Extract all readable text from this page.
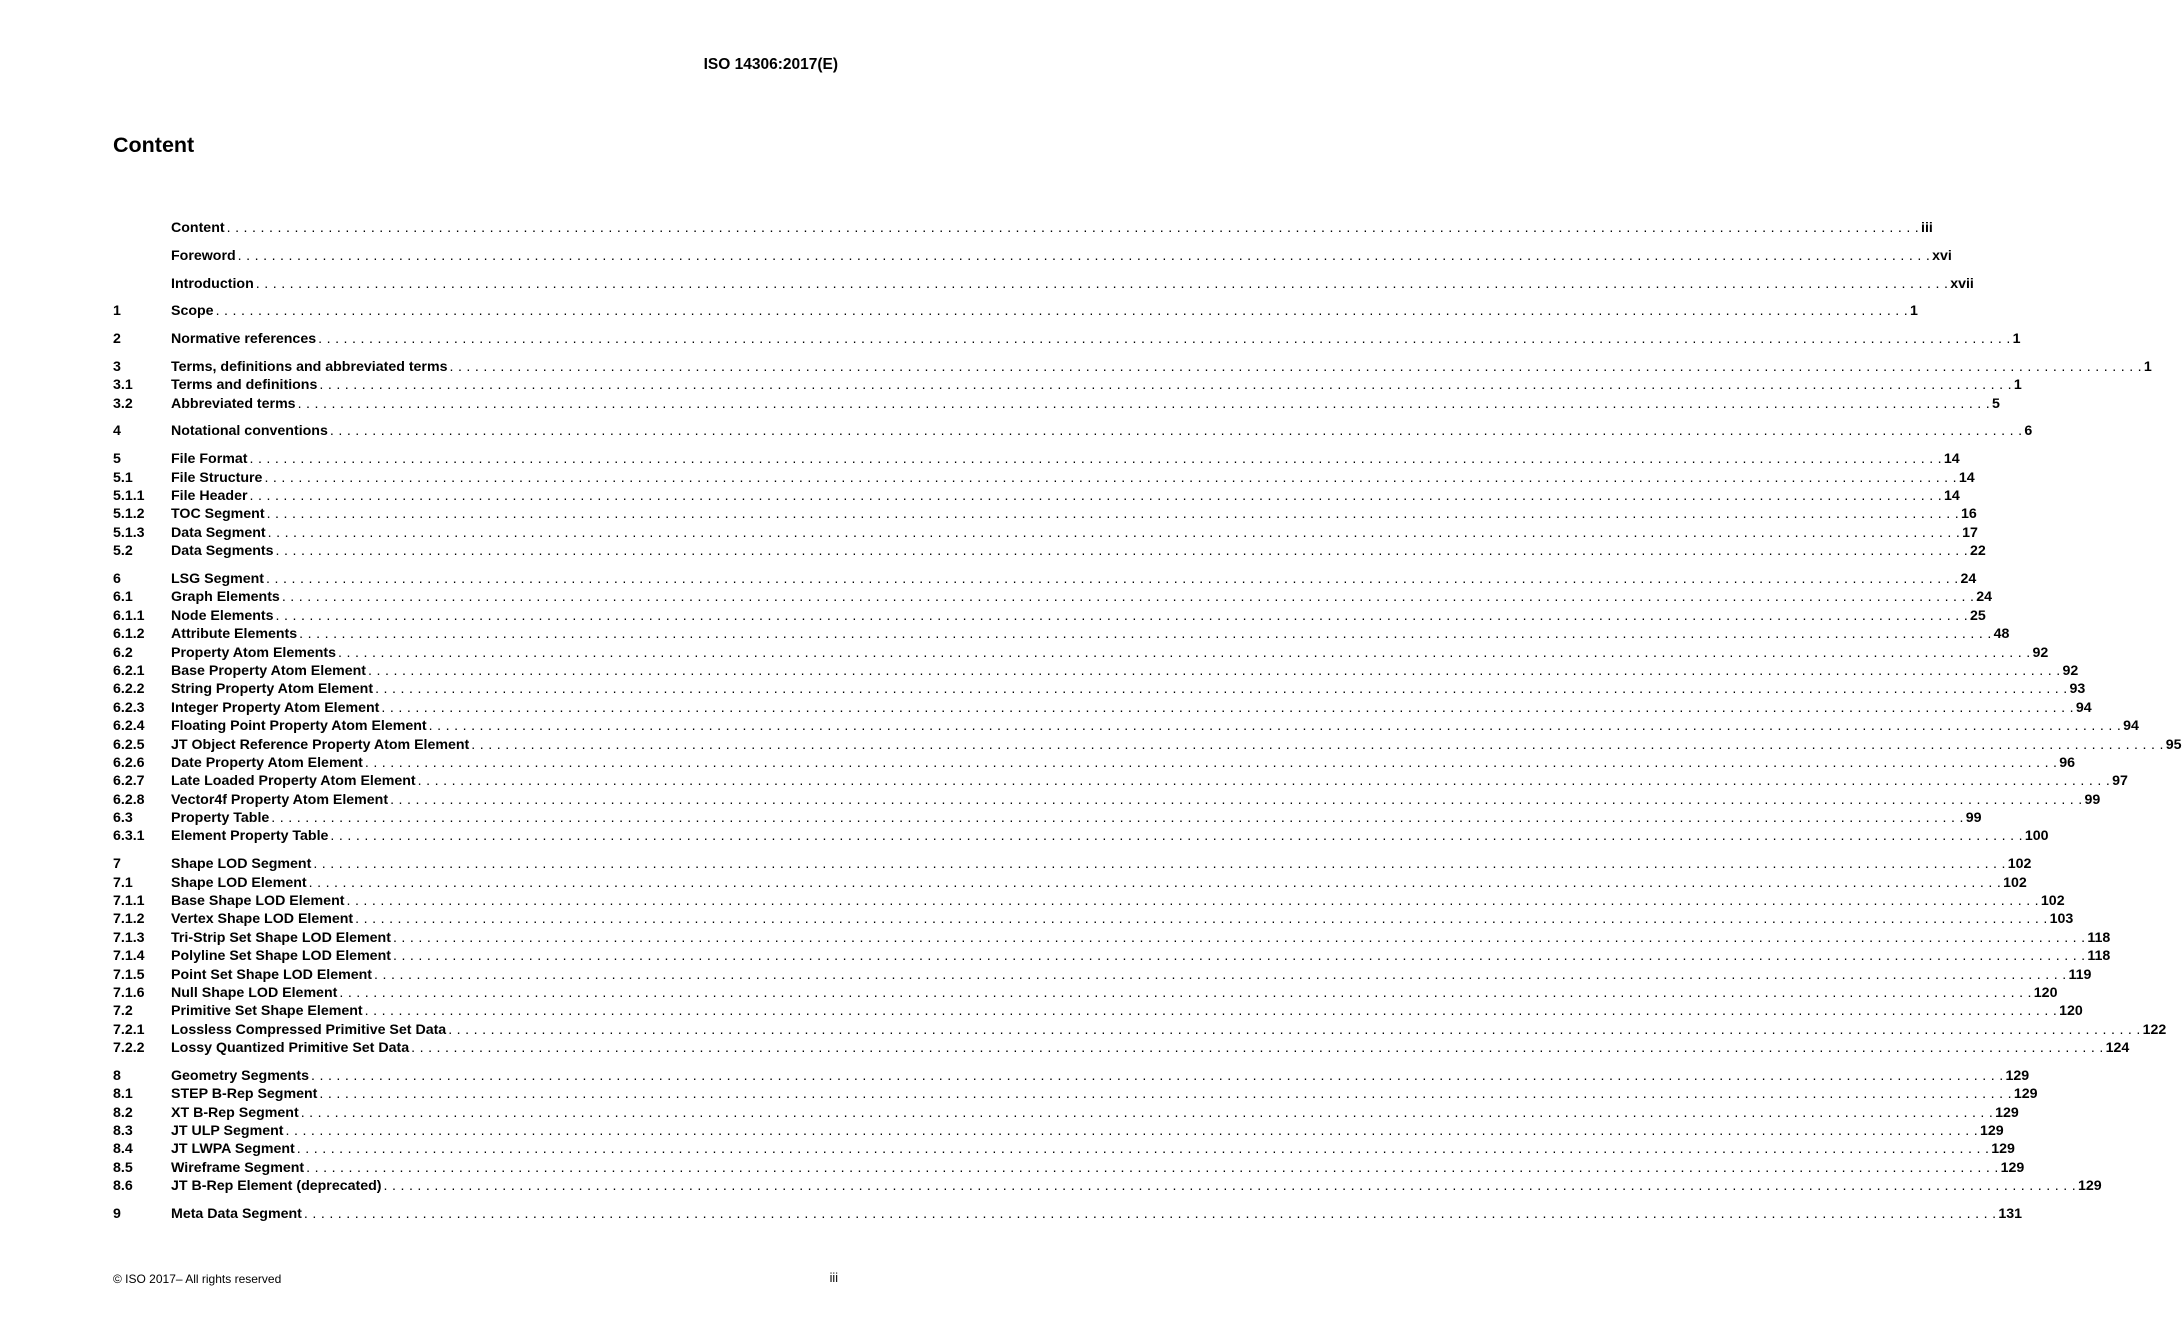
ISO 14306:2017(E)
Content
Content . . . . . . . . . . . . . . . . . . . . . . . . . . . . . . . . . . . . . . . . . . . . . . . . . . . . . . . . . . . . . . . . . . . . . . . . . . . . . . . . . . . . . . . . . . . . . . . . . . . . . . . . . . . . . . . . . . . . . . . . . . . . . . . . . . . . . . . . . . . . . . . . . . . . . . . . . . . . . . . . . . . . . . . . . . . . . . . . . . . . . . . . . . . . . . . . . . . . . . . . iii
Foreword . . . . . . . . . . . . . . . . . . . . . . . . . . . . . . . . . . . . . . . . . . . . . . . . . . . . . . . . . . . . . . . . . . . . . . . . . . . . . . . . . . . . . . . . . . . . . . . . . . . . . . . . . . . . . . . . . . . . . . . . . . . . . . . . . . . . . . . . . . . . . . . . . . . . . . . . . . . . . . . . . . . . . . . . . . . . . . . . . . . . . . . . . . . . . . . . . . . . . . . . xvi
Introduction . . . . . . . . . . . . . . . . . . . . . . . . . . . . . . . . . . . . . . . . . . . . . . . . . . . . . . . . . . . . . . . . . . . . . . . . . . . . . . . . . . . . . . . . . . . . . . . . . . . . . . . . . . . . . . . . . . . . . . . . . . . . . . . . . . . . . . . . . . . . . . . . . . . . . . . . . . . . . . . . . . . . . . . . . . . . . . . . . . . . . . . . . . . . . . . . . . . . . . . . xvii
1	Scope . . . . . . . . . . . . . . . . . . . . . . . . . . . . . . . . . . . . . . . . . . . . . . . . . . . . . . . . . . . . . . . . . . . . . . . . . . . . . . . . . . . . . . . . . . . . . . . . . . . . . . . . . . . . . . . . . . . . . . . . . . . . . . . . . . . . . . . . . . . . . . . . . . . . . . . . . . . . . . . . . . . . . . . . . . . . . . . . . . . . . . . . . . . . . . . . . . . . . . . . 1
2	Normative references . . . . . . . . . . . . . . . . . . . . . . . . . . . . . . . . . . . . . . . . . . . . . . . . . . . . . . . . . . . . . . . . . . . . . . . . . . . . . . . . . . . . . . . . . . . . . . . . . . . . . . . . . . . . . . . . . . . . . . . . . . . . . . . . . . . . . . . . . . . . . . . . . . . . . . . . . . . . . . . . . . . . . . . . . . . . . . . . . . . . . . . . . . . . . . . . . . . . . . . . 1
3	Terms, definitions and abbreviated terms . . . . . . . . . . . . . . . . . . . . . . . . . . . . . . . . . . . . . . . . . . . . . . . . . . . . . . . . . . . . . . . . . . . . . . . . . . . . . . . . . . . . . . . . . . . . . . . . . . . . . . . . . . . . . . . . . . . . . . . . . . . . . . . . . . . . . . . . . . . . . . . . . . . . . . . . . . . . . . . . . . . . . . . . . . . . . . . . . . . . . . . . . . . . . . . . . . . . . . . . 1
3.1	Terms and definitions . . . . . . . . . . . . . . . . . . . . . . . . . . . . . . . . . . . . . . . . . . . . . . . . . . . . . . . . . . . . . . . . . . . . . . . . . . . . . . . . . . . . . . . . . . . . . . . . . . . . . . . . . . . . . . . . . . . . . . . . . . . . . . . . . . . . . . . . . . . . . . . . . . . . . . . . . . . . . . . . . . . . . . . . . . . . . . . . . . . . . . . . . . . . . . . . . . . . . . . . 1
3.2	Abbreviated terms . . . . . . . . . . . . . . . . . . . . . . . . . . . . . . . . . . . . . . . . . . . . . . . . . . . . . . . . . . . . . . . . . . . . . . . . . . . . . . . . . . . . . . . . . . . . . . . . . . . . . . . . . . . . . . . . . . . . . . . . . . . . . . . . . . . . . . . . . . . . . . . . . . . . . . . . . . . . . . . . . . . . . . . . . . . . . . . . . . . . . . . . . . . . . . . . . . . . . . . . 5
4	Notational conventions . . . . . . . . . . . . . . . . . . . . . . . . . . . . . . . . . . . . . . . . . . . . . . . . . . . . . . . . . . . . . . . . . . . . . . . . . . . . . . . . . . . . . . . . . . . . . . . . . . . . . . . . . . . . . . . . . . . . . . . . . . . . . . . . . . . . . . . . . . . . . . . . . . . . . . . . . . . . . . . . . . . . . . . . . . . . . . . . . . . . . . . . . . . . . . . . . . . . . . . . 6
5	File Format . . . . . . . . . . . . . . . . . . . . . . . . . . . . . . . . . . . . . . . . . . . . . . . . . . . . . . . . . . . . . . . . . . . . . . . . . . . . . . . . . . . . . . . . . . . . . . . . . . . . . . . . . . . . . . . . . . . . . . . . . . . . . . . . . . . . . . . . . . . . . . . . . . . . . . . . . . . . . . . . . . . . . . . . . . . . . . . . . . . . . . . . . . . . . . . . . . . . . . . . 14
5.1	File Structure . . . . . . . . . . . . . . . . . . . . . . . . . . . . . . . . . . . . . . . . . . . . . . . . . . . . . . . . . . . . . . . . . . . . . . . . . . . . . . . . . . . . . . . . . . . . . . . . . . . . . . . . . . . . . . . . . . . . . . . . . . . . . . . . . . . . . . . . . . . . . . . . . . . . . . . . . . . . . . . . . . . . . . . . . . . . . . . . . . . . . . . . . . . . . . . . . . . . . . . . 14
5.1.1	File Header . . . . . . . . . . . . . . . . . . . . . . . . . . . . . . . . . . . . . . . . . . . . . . . . . . . . . . . . . . . . . . . . . . . . . . . . . . . . . . . . . . . . . . . . . . . . . . . . . . . . . . . . . . . . . . . . . . . . . . . . . . . . . . . . . . . . . . . . . . . . . . . . . . . . . . . . . . . . . . . . . . . . . . . . . . . . . . . . . . . . . . . . . . . . . . . . . . . . . . . . 14
5.1.2	TOC Segment . . . . . . . . . . . . . . . . . . . . . . . . . . . . . . . . . . . . . . . . . . . . . . . . . . . . . . . . . . . . . . . . . . . . . . . . . . . . . . . . . . . . . . . . . . . . . . . . . . . . . . . . . . . . . . . . . . . . . . . . . . . . . . . . . . . . . . . . . . . . . . . . . . . . . . . . . . . . . . . . . . . . . . . . . . . . . . . . . . . . . . . . . . . . . . . . . . . . . . . . 16
5.1.3	Data Segment . . . . . . . . . . . . . . . . . . . . . . . . . . . . . . . . . . . . . . . . . . . . . . . . . . . . . . . . . . . . . . . . . . . . . . . . . . . . . . . . . . . . . . . . . . . . . . . . . . . . . . . . . . . . . . . . . . . . . . . . . . . . . . . . . . . . . . . . . . . . . . . . . . . . . . . . . . . . . . . . . . . . . . . . . . . . . . . . . . . . . . . . . . . . . . . . . . . . . . . . 17
5.2	Data Segments . . . . . . . . . . . . . . . . . . . . . . . . . . . . . . . . . . . . . . . . . . . . . . . . . . . . . . . . . . . . . . . . . . . . . . . . . . . . . . . . . . . . . . . . . . . . . . . . . . . . . . . . . . . . . . . . . . . . . . . . . . . . . . . . . . . . . . . . . . . . . . . . . . . . . . . . . . . . . . . . . . . . . . . . . . . . . . . . . . . . . . . . . . . . . . . . . . . . . . . . 22
6	LSG Segment . . . . . . . . . . . . . . . . . . . . . . . . . . . . . . . . . . . . . . . . . . . . . . . . . . . . . . . . . . . . . . . . . . . . . . . . . . . . . . . . . . . . . . . . . . . . . . . . . . . . . . . . . . . . . . . . . . . . . . . . . . . . . . . . . . . . . . . . . . . . . . . . . . . . . . . . . . . . . . . . . . . . . . . . . . . . . . . . . . . . . . . . . . . . . . . . . . . . . . . . 24
6.1	Graph Elements . . . . . . . . . . . . . . . . . . . . . . . . . . . . . . . . . . . . . . . . . . . . . . . . . . . . . . . . . . . . . . . . . . . . . . . . . . . . . . . . . . . . . . . . . . . . . . . . . . . . . . . . . . . . . . . . . . . . . . . . . . . . . . . . . . . . . . . . . . . . . . . . . . . . . . . . . . . . . . . . . . . . . . . . . . . . . . . . . . . . . . . . . . . . . . . . . . . . . . . . 24
6.1.1	Node Elements . . . . . . . . . . . . . . . . . . . . . . . . . . . . . . . . . . . . . . . . . . . . . . . . . . . . . . . . . . . . . . . . . . . . . . . . . . . . . . . . . . . . . . . . . . . . . . . . . . . . . . . . . . . . . . . . . . . . . . . . . . . . . . . . . . . . . . . . . . . . . . . . . . . . . . . . . . . . . . . . . . . . . . . . . . . . . . . . . . . . . . . . . . . . . . . . . . . . . . . . 25
6.1.2	Attribute Elements . . . . . . . . . . . . . . . . . . . . . . . . . . . . . . . . . . . . . . . . . . . . . . . . . . . . . . . . . . . . . . . . . . . . . . . . . . . . . . . . . . . . . . . . . . . . . . . . . . . . . . . . . . . . . . . . . . . . . . . . . . . . . . . . . . . . . . . . . . . . . . . . . . . . . . . . . . . . . . . . . . . . . . . . . . . . . . . . . . . . . . . . . . . . . . . . . . . . . . . . 48
6.2	Property Atom Elements . . . . . . . . . . . . . . . . . . . . . . . . . . . . . . . . . . . . . . . . . . . . . . . . . . . . . . . . . . . . . . . . . . . . . . . . . . . . . . . . . . . . . . . . . . . . . . . . . . . . . . . . . . . . . . . . . . . . . . . . . . . . . . . . . . . . . . . . . . . . . . . . . . . . . . . . . . . . . . . . . . . . . . . . . . . . . . . . . . . . . . . . . . . . . . . . . . . . . . . . 92
6.2.1	Base Property Atom Element . . . . . . . . . . . . . . . . . . . . . . . . . . . . . . . . . . . . . . . . . . . . . . . . . . . . . . . . . . . . . . . . . . . . . . . . . . . . . . . . . . . . . . . . . . . . . . . . . . . . . . . . . . . . . . . . . . . . . . . . . . . . . . . . . . . . . . . . . . . . . . . . . . . . . . . . . . . . . . . . . . . . . . . . . . . . . . . . . . . . . . . . . . . . . . . . . . . . . . . . 92
6.2.2	String Property Atom Element . . . . . . . . . . . . . . . . . . . . . . . . . . . . . . . . . . . . . . . . . . . . . . . . . . . . . . . . . . . . . . . . . . . . . . . . . . . . . . . . . . . . . . . . . . . . . . . . . . . . . . . . . . . . . . . . . . . . . . . . . . . . . . . . . . . . . . . . . . . . . . . . . . . . . . . . . . . . . . . . . . . . . . . . . . . . . . . . . . . . . . . . . . . . . . . . . . . . . . . . 93
6.2.3	Integer Property Atom Element . . . . . . . . . . . . . . . . . . . . . . . . . . . . . . . . . . . . . . . . . . . . . . . . . . . . . . . . . . . . . . . . . . . . . . . . . . . . . . . . . . . . . . . . . . . . . . . . . . . . . . . . . . . . . . . . . . . . . . . . . . . . . . . . . . . . . . . . . . . . . . . . . . . . . . . . . . . . . . . . . . . . . . . . . . . . . . . . . . . . . . . . . . . . . . . . . . . . . . . . 94
6.2.4	Floating Point Property Atom Element . . . . . . . . . . . . . . . . . . . . . . . . . . . . . . . . . . . . . . . . . . . . . . . . . . . . . . . . . . . . . . . . . . . . . . . . . . . . . . . . . . . . . . . . . . . . . . . . . . . . . . . . . . . . . . . . . . . . . . . . . . . . . . . . . . . . . . . . . . . . . . . . . . . . . . . . . . . . . . . . . . . . . . . . . . . . . . . . . . . . . . . . . . . . . . . . . . . . . . . . 94
6.2.5	JT Object Reference Property Atom Element . . . . . . . . . . . . . . . . . . . . . . . . . . . . . . . . . . . . . . . . . . . . . . . . . . . . . . . . . . . . . . . . . . . . . . . . . . . . . . . . . . . . . . . . . . . . . . . . . . . . . . . . . . . . . . . . . . . . . . . . . . . . . . . . . . . . . . . . . . . . . . . . . . . . . . . . . . . . . . . . . . . . . . . . . . . . . . . . . . . . . . . . . . . . . . . . . . . . . . . . 95
6.2.6	Date Property Atom Element . . . . . . . . . . . . . . . . . . . . . . . . . . . . . . . . . . . . . . . . . . . . . . . . . . . . . . . . . . . . . . . . . . . . . . . . . . . . . . . . . . . . . . . . . . . . . . . . . . . . . . . . . . . . . . . . . . . . . . . . . . . . . . . . . . . . . . . . . . . . . . . . . . . . . . . . . . . . . . . . . . . . . . . . . . . . . . . . . . . . . . . . . . . . . . . . . . . . . . . . 96
6.2.7	Late Loaded Property Atom Element . . . . . . . . . . . . . . . . . . . . . . . . . . . . . . . . . . . . . . . . . . . . . . . . . . . . . . . . . . . . . . . . . . . . . . . . . . . . . . . . . . . . . . . . . . . . . . . . . . . . . . . . . . . . . . . . . . . . . . . . . . . . . . . . . . . . . . . . . . . . . . . . . . . . . . . . . . . . . . . . . . . . . . . . . . . . . . . . . . . . . . . . . . . . . . . . . . . . . . . . 97
6.2.8	Vector4f Property Atom Element . . . . . . . . . . . . . . . . . . . . . . . . . . . . . . . . . . . . . . . . . . . . . . . . . . . . . . . . . . . . . . . . . . . . . . . . . . . . . . . . . . . . . . . . . . . . . . . . . . . . . . . . . . . . . . . . . . . . . . . . . . . . . . . . . . . . . . . . . . . . . . . . . . . . . . . . . . . . . . . . . . . . . . . . . . . . . . . . . . . . . . . . . . . . . . . . . . . . . . . . 99
6.3	Property Table . . . . . . . . . . . . . . . . . . . . . . . . . . . . . . . . . . . . . . . . . . . . . . . . . . . . . . . . . . . . . . . . . . . . . . . . . . . . . . . . . . . . . . . . . . . . . . . . . . . . . . . . . . . . . . . . . . . . . . . . . . . . . . . . . . . . . . . . . . . . . . . . . . . . . . . . . . . . . . . . . . . . . . . . . . . . . . . . . . . . . . . . . . . . . . . . . . . . . . . . 99
6.3.1	Element Property Table . . . . . . . . . . . . . . . . . . . . . . . . . . . . . . . . . . . . . . . . . . . . . . . . . . . . . . . . . . . . . . . . . . . . . . . . . . . . . . . . . . . . . . . . . . . . . . . . . . . . . . . . . . . . . . . . . . . . . . . . . . . . . . . . . . . . . . . . . . . . . . . . . . . . . . . . . . . . . . . . . . . . . . . . . . . . . . . . . . . . . . . . . . . . . . . . . . . . . . . . 100
7	Shape LOD Segment . . . . . . . . . . . . . . . . . . . . . . . . . . . . . . . . . . . . . . . . . . . . . . . . . . . . . . . . . . . . . . . . . . . . . . . . . . . . . . . . . . . . . . . . . . . . . . . . . . . . . . . . . . . . . . . . . . . . . . . . . . . . . . . . . . . . . . . . . . . . . . . . . . . . . . . . . . . . . . . . . . . . . . . . . . . . . . . . . . . . . . . . . . . . . . . . . . . . . . . . 102
7.1	Shape LOD Element . . . . . . . . . . . . . . . . . . . . . . . . . . . . . . . . . . . . . . . . . . . . . . . . . . . . . . . . . . . . . . . . . . . . . . . . . . . . . . . . . . . . . . . . . . . . . . . . . . . . . . . . . . . . . . . . . . . . . . . . . . . . . . . . . . . . . . . . . . . . . . . . . . . . . . . . . . . . . . . . . . . . . . . . . . . . . . . . . . . . . . . . . . . . . . . . . . . . . . . . 102
7.1.1	Base Shape LOD Element . . . . . . . . . . . . . . . . . . . . . . . . . . . . . . . . . . . . . . . . . . . . . . . . . . . . . . . . . . . . . . . . . . . . . . . . . . . . . . . . . . . . . . . . . . . . . . . . . . . . . . . . . . . . . . . . . . . . . . . . . . . . . . . . . . . . . . . . . . . . . . . . . . . . . . . . . . . . . . . . . . . . . . . . . . . . . . . . . . . . . . . . . . . . . . . . . . . . . . . . 102
7.1.2	Vertex Shape LOD Element . . . . . . . . . . . . . . . . . . . . . . . . . . . . . . . . . . . . . . . . . . . . . . . . . . . . . . . . . . . . . . . . . . . . . . . . . . . . . . . . . . . . . . . . . . . . . . . . . . . . . . . . . . . . . . . . . . . . . . . . . . . . . . . . . . . . . . . . . . . . . . . . . . . . . . . . . . . . . . . . . . . . . . . . . . . . . . . . . . . . . . . . . . . . . . . . . . . . . . . . 103
7.1.3	Tri-Strip Set Shape LOD Element . . . . . . . . . . . . . . . . . . . . . . . . . . . . . . . . . . . . . . . . . . . . . . . . . . . . . . . . . . . . . . . . . . . . . . . . . . . . . . . . . . . . . . . . . . . . . . . . . . . . . . . . . . . . . . . . . . . . . . . . . . . . . . . . . . . . . . . . . . . . . . . . . . . . . . . . . . . . . . . . . . . . . . . . . . . . . . . . . . . . . . . . . . . . . . . . . . . . . . . . 118
7.1.4	Polyline Set Shape LOD Element . . . . . . . . . . . . . . . . . . . . . . . . . . . . . . . . . . . . . . . . . . . . . . . . . . . . . . . . . . . . . . . . . . . . . . . . . . . . . . . . . . . . . . . . . . . . . . . . . . . . . . . . . . . . . . . . . . . . . . . . . . . . . . . . . . . . . . . . . . . . . . . . . . . . . . . . . . . . . . . . . . . . . . . . . . . . . . . . . . . . . . . . . . . . . . . . . . . . . . . . 118
7.1.5	Point Set Shape LOD Element . . . . . . . . . . . . . . . . . . . . . . . . . . . . . . . . . . . . . . . . . . . . . . . . . . . . . . . . . . . . . . . . . . . . . . . . . . . . . . . . . . . . . . . . . . . . . . . . . . . . . . . . . . . . . . . . . . . . . . . . . . . . . . . . . . . . . . . . . . . . . . . . . . . . . . . . . . . . . . . . . . . . . . . . . . . . . . . . . . . . . . . . . . . . . . . . . . . . . . . . 119
7.1.6	Null Shape LOD Element . . . . . . . . . . . . . . . . . . . . . . . . . . . . . . . . . . . . . . . . . . . . . . . . . . . . . . . . . . . . . . . . . . . . . . . . . . . . . . . . . . . . . . . . . . . . . . . . . . . . . . . . . . . . . . . . . . . . . . . . . . . . . . . . . . . . . . . . . . . . . . . . . . . . . . . . . . . . . . . . . . . . . . . . . . . . . . . . . . . . . . . . . . . . . . . . . . . . . . . . 120
7.2	Primitive Set Shape Element . . . . . . . . . . . . . . . . . . . . . . . . . . . . . . . . . . . . . . . . . . . . . . . . . . . . . . . . . . . . . . . . . . . . . . . . . . . . . . . . . . . . . . . . . . . . . . . . . . . . . . . . . . . . . . . . . . . . . . . . . . . . . . . . . . . . . . . . . . . . . . . . . . . . . . . . . . . . . . . . . . . . . . . . . . . . . . . . . . . . . . . . . . . . . . . . . . . . . . . . 120
7.2.1	Lossless Compressed Primitive Set Data . . . . . . . . . . . . . . . . . . . . . . . . . . . . . . . . . . . . . . . . . . . . . . . . . . . . . . . . . . . . . . . . . . . . . . . . . . . . . . . . . . . . . . . . . . . . . . . . . . . . . . . . . . . . . . . . . . . . . . . . . . . . . . . . . . . . . . . . . . . . . . . . . . . . . . . . . . . . . . . . . . . . . . . . . . . . . . . . . . . . . . . . . . . . . . . . . . . . . . . . 122
7.2.2	Lossy Quantized Primitive Set Data . . . . . . . . . . . . . . . . . . . . . . . . . . . . . . . . . . . . . . . . . . . . . . . . . . . . . . . . . . . . . . . . . . . . . . . . . . . . . . . . . . . . . . . . . . . . . . . . . . . . . . . . . . . . . . . . . . . . . . . . . . . . . . . . . . . . . . . . . . . . . . . . . . . . . . . . . . . . . . . . . . . . . . . . . . . . . . . . . . . . . . . . . . . . . . . . . . . . . . . . 124
8	Geometry Segments . . . . . . . . . . . . . . . . . . . . . . . . . . . . . . . . . . . . . . . . . . . . . . . . . . . . . . . . . . . . . . . . . . . . . . . . . . . . . . . . . . . . . . . . . . . . . . . . . . . . . . . . . . . . . . . . . . . . . . . . . . . . . . . . . . . . . . . . . . . . . . . . . . . . . . . . . . . . . . . . . . . . . . . . . . . . . . . . . . . . . . . . . . . . . . . . . . . . . . . . 129
8.1	STEP B-Rep Segment . . . . . . . . . . . . . . . . . . . . . . . . . . . . . . . . . . . . . . . . . . . . . . . . . . . . . . . . . . . . . . . . . . . . . . . . . . . . . . . . . . . . . . . . . . . . . . . . . . . . . . . . . . . . . . . . . . . . . . . . . . . . . . . . . . . . . . . . . . . . . . . . . . . . . . . . . . . . . . . . . . . . . . . . . . . . . . . . . . . . . . . . . . . . . . . . . . . . . . . . 129
8.2	XT B-Rep Segment . . . . . . . . . . . . . . . . . . . . . . . . . . . . . . . . . . . . . . . . . . . . . . . . . . . . . . . . . . . . . . . . . . . . . . . . . . . . . . . . . . . . . . . . . . . . . . . . . . . . . . . . . . . . . . . . . . . . . . . . . . . . . . . . . . . . . . . . . . . . . . . . . . . . . . . . . . . . . . . . . . . . . . . . . . . . . . . . . . . . . . . . . . . . . . . . . . . . . . . . 129
8.3	JT ULP Segment . . . . . . . . . . . . . . . . . . . . . . . . . . . . . . . . . . . . . . . . . . . . . . . . . . . . . . . . . . . . . . . . . . . . . . . . . . . . . . . . . . . . . . . . . . . . . . . . . . . . . . . . . . . . . . . . . . . . . . . . . . . . . . . . . . . . . . . . . . . . . . . . . . . . . . . . . . . . . . . . . . . . . . . . . . . . . . . . . . . . . . . . . . . . . . . . . . . . . . . . 129
8.4	JT LWPA Segment . . . . . . . . . . . . . . . . . . . . . . . . . . . . . . . . . . . . . . . . . . . . . . . . . . . . . . . . . . . . . . . . . . . . . . . . . . . . . . . . . . . . . . . . . . . . . . . . . . . . . . . . . . . . . . . . . . . . . . . . . . . . . . . . . . . . . . . . . . . . . . . . . . . . . . . . . . . . . . . . . . . . . . . . . . . . . . . . . . . . . . . . . . . . . . . . . . . . . . . . 129
8.5	Wireframe Segment . . . . . . . . . . . . . . . . . . . . . . . . . . . . . . . . . . . . . . . . . . . . . . . . . . . . . . . . . . . . . . . . . . . . . . . . . . . . . . . . . . . . . . . . . . . . . . . . . . . . . . . . . . . . . . . . . . . . . . . . . . . . . . . . . . . . . . . . . . . . . . . . . . . . . . . . . . . . . . . . . . . . . . . . . . . . . . . . . . . . . . . . . . . . . . . . . . . . . . . . 129
8.6	JT B-Rep Element (deprecated) . . . . . . . . . . . . . . . . . . . . . . . . . . . . . . . . . . . . . . . . . . . . . . . . . . . . . . . . . . . . . . . . . . . . . . . . . . . . . . . . . . . . . . . . . . . . . . . . . . . . . . . . . . . . . . . . . . . . . . . . . . . . . . . . . . . . . . . . . . . . . . . . . . . . . . . . . . . . . . . . . . . . . . . . . . . . . . . . . . . . . . . . . . . . . . . . . . . . . . . . 129
9	Meta Data Segment . . . . . . . . . . . . . . . . . . . . . . . . . . . . . . . . . . . . . . . . . . . . . . . . . . . . . . . . . . . . . . . . . . . . . . . . . . . . . . . . . . . . . . . . . . . . . . . . . . . . . . . . . . . . . . . . . . . . . . . . . . . . . . . . . . . . . . . . . . . . . . . . . . . . . . . . . . . . . . . . . . . . . . . . . . . . . . . . . . . . . . . . . . . . . . . . . . . . . . . . 131
© ISO 2017– All rights reserved	iii
